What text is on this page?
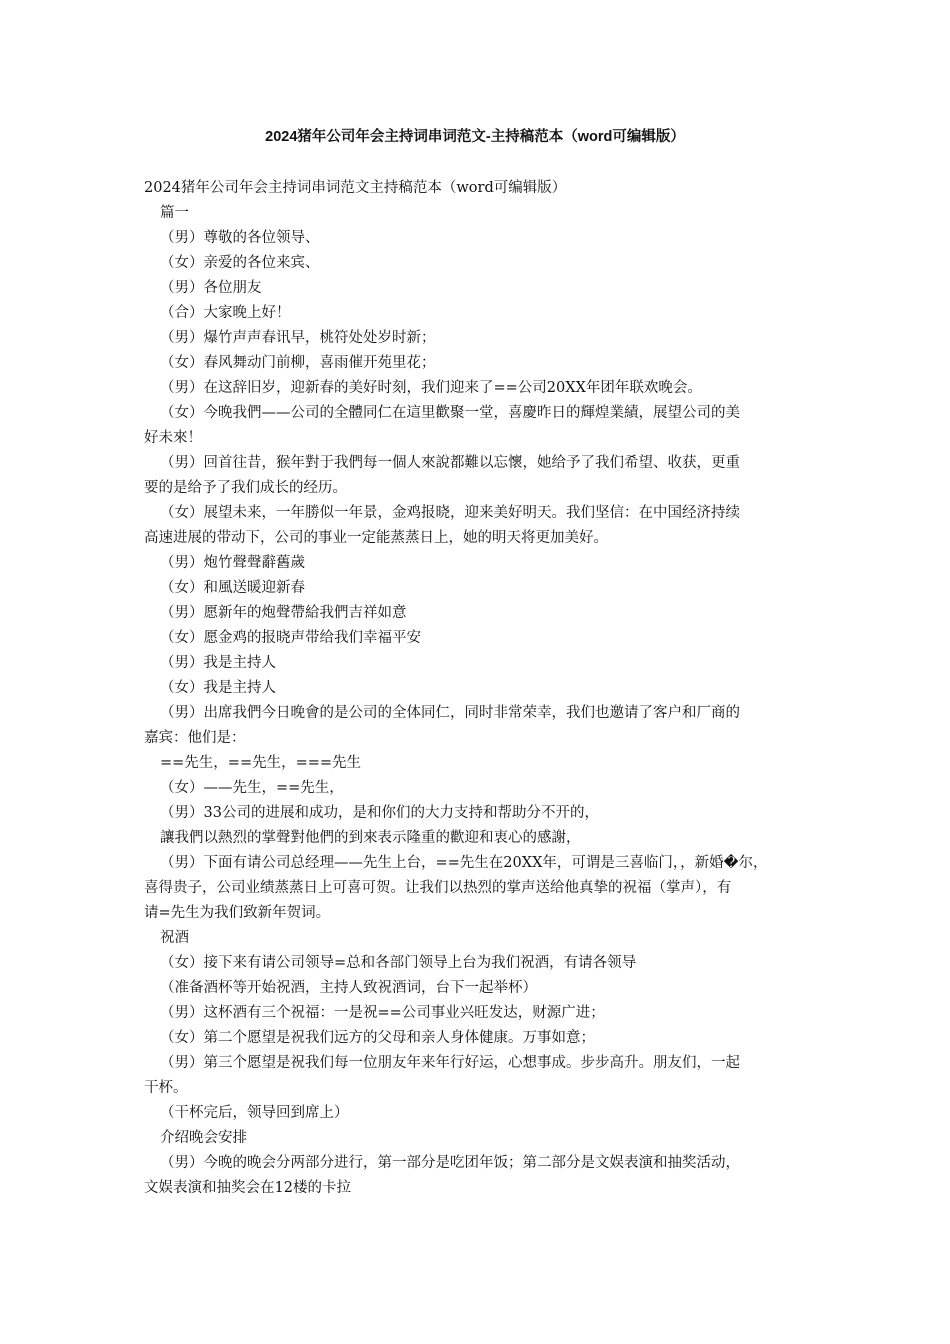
2024猪年公司年会主持词串词范文-主持稿范本（word可编辑版）
2024猪年公司年会主持词串词范文主持稿范本（word可编辑版）
篇一
（男）尊敬的各位领导、
（女）亲爱的各位来宾、
（男）各位朋友
（合）大家晚上好！
（男）爆竹声声春讯早，桃符处处岁时新；
（女）春风舞动门前柳，喜雨催开苑里花；
（男）在这辞旧岁，迎新春的美好时刻，我们迎来了==公司20XX年团年联欢晚会。
（女）今晚我們——公司的全體同仁在這里歡聚一堂，喜慶昨日的輝煌業績，展望公司的美
好未來！
（男）回首往昔，猴年對于我們每一個人來說都難以忘懷，她给予了我们希望、收获，更重
要的是给予了我们成长的经历。
（女）展望未来，一年勝似一年景，金鸡报晓，迎来美好明天。我们坚信：在中国经济持续
高速进展的带动下，公司的事业一定能蒸蒸日上，她的明天将更加美好。
（男）炮竹聲聲辭舊歲
（女）和風送暖迎新春
（男）愿新年的炮聲帶給我們吉祥如意
（女）愿金鸡的报晓声带给我们幸福平安
（男）我是主持人
（女）我是主持人
（男）出席我們今日晚會的是公司的全体同仁，同时非常荣幸，我们也邀请了客户和厂商的
嘉宾：他们是：
==先生，==先生，===先生
（女）——先生，==先生，
（男）33公司的进展和成功，是和你们的大力支持和帮助分不开的，
讓我們以熱烈的掌聲對他們的到來表示隆重的歡迎和衷心的感謝，
（男）下面有请公司总经理——先生上台，==先生在20XX年，可谓是三喜临门，，新婚�尔，
喜得贵子，公司业绩蒸蒸日上可喜可贺。让我们以热烈的掌声送给他真挚的祝福（掌声），有
请=先生为我们致新年贺词。
祝酒
（女）接下来有请公司领导=总和各部门领导上台为我们祝酒，有请各领导
（准备酒杯等开始祝酒，主持人致祝酒词，台下一起举杯）
（男）这杯酒有三个祝福：一是祝==公司事业兴旺发达，财源广进；
（女）第二个愿望是祝我们远方的父母和亲人身体健康。万事如意；
（男）第三个愿望是祝我们每一位朋友年来年行好运，心想事成。步步高升。朋友们，一起
干杯。
（干杯完后，领导回到席上）
介绍晚会安排
（男）今晚的晚会分两部分进行，第一部分是吃团年饭；第二部分是文娱表演和抽奖活动，
文娱表演和抽奖会在12楼的卡拉
